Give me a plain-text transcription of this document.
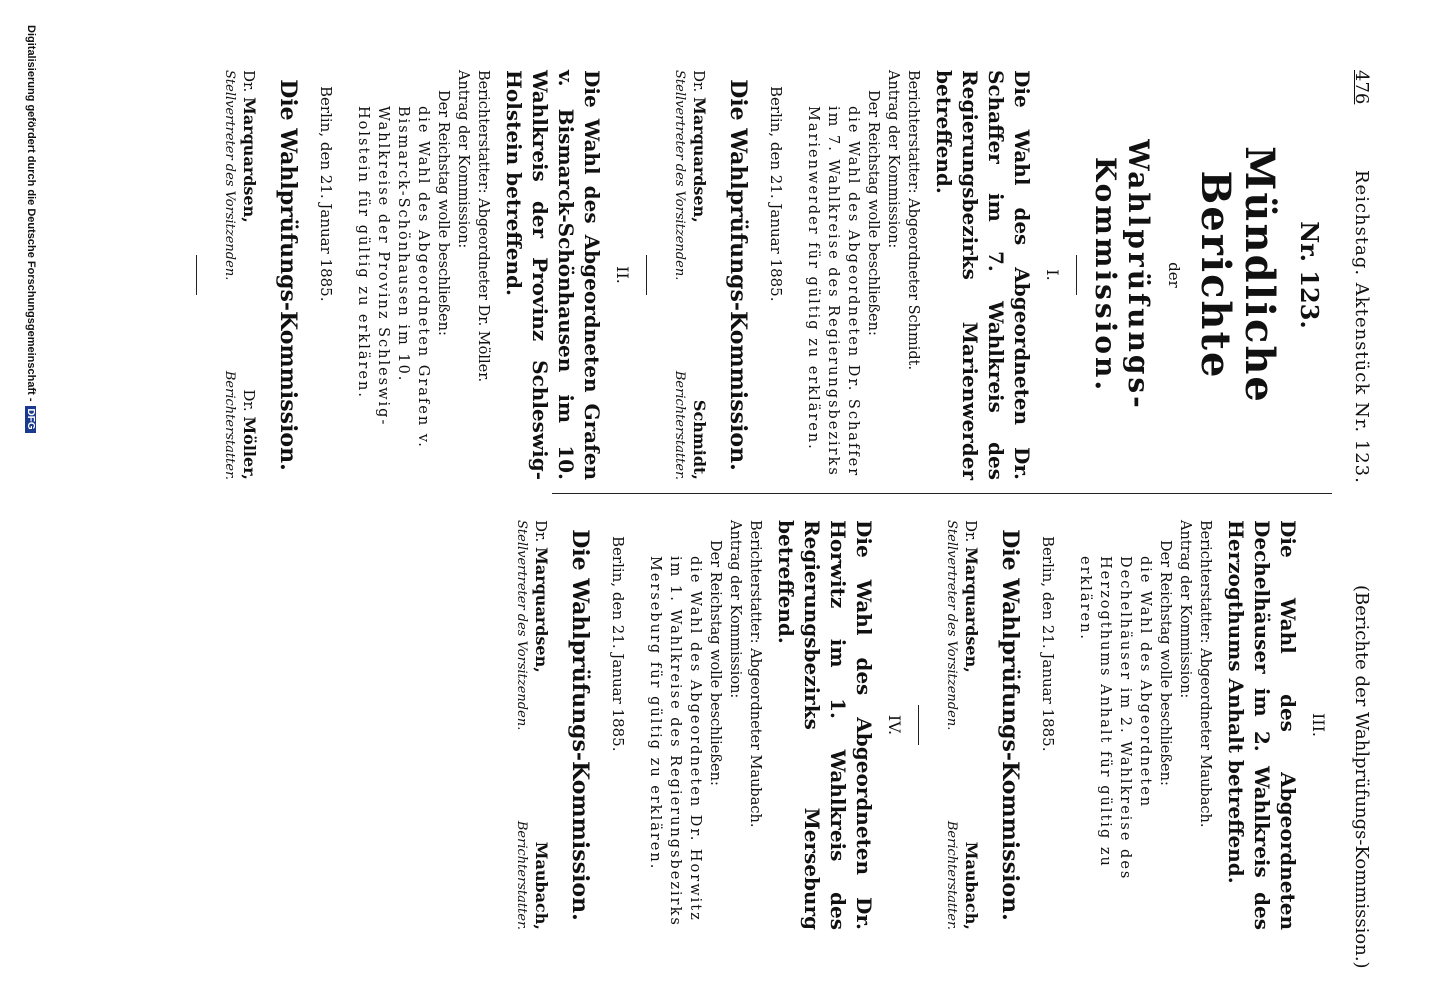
476
Reichstag. Aktenstück Nr. 123.
(Berichte der Wahlprüfungs-Kommission.)
Nr. 123.
Mündliche Berichte
der
Wahlprüfungs-Kommission.
I.
Die Wahl des Abgeordneten Dr. Schaffer im 7. Wahlkreis des Regierungsbezirks Marienwerder betreffend.
Berichterstatter: Abgeordneter Schmidt.
Antrag der Kommission:
Der Reichstag wolle beschließen:
die Wahl des Abgeordneten Dr. Schaffer im 7. Wahlkreise des Regierungsbezirks Marienwerder für gültig zu erklären.
Berlin, den 21. Januar 1885.
Die Wahlprüfungs-Kommission.
Dr. Marquardsen,
Stellvertreter des Vorsitzenden.
Schmidt,
Berichterstatter.
II.
Die Wahl des Abgeordneten Grafen v. Bismarck-Schönhausen im 10. Wahlkreis der Provinz Schleswig-Holstein betreffend.
Berichterstatter: Abgeordneter Dr. Möller.
Antrag der Kommission:
Der Reichstag wolle beschließen:
die Wahl des Abgeordneten Grafen v. Bismarck-Schönhausen im 10. Wahlkreise der Provinz Schleswig-Holstein für gültig zu erklären.
Berlin, den 21. Januar 1885.
Die Wahlprüfungs-Kommission.
Dr. Marquardsen,
Stellvertreter des Vorsitzenden.
Dr. Möller,
Berichterstatter.
III.
Die Wahl des Abgeordneten Dechelhäuser im 2. Wahlkreis des Herzogthums Anhalt betreffend.
Berichterstatter: Abgeordneter Maubach.
Antrag der Kommission:
Der Reichstag wolle beschließen:
die Wahl des Abgeordneten Dechelhäuser im 2. Wahlkreise des Herzogthums Anhalt für gültig zu erklären.
Berlin, den 21. Januar 1885.
Die Wahlprüfungs-Kommission.
Dr. Marquardsen,
Stellvertreter des Vorsitzenden.
Maubach,
Berichterstatter.
IV.
Die Wahl des Abgeordneten Dr. Horwitz im 1. Wahlkreis des Regierungsbezirks Merseburg betreffend.
Berichterstatter: Abgeordneter Maubach.
Antrag der Kommission:
Der Reichstag wolle beschließen:
die Wahl des Abgeordneten Dr. Horwitz im 1. Wahlkreise des Regierungsbezirks Merseburg für gültig zu erklären.
Berlin, den 21. Januar 1885.
Die Wahlprüfungs-Kommission.
Dr. Marquardsen,
Stellvertreter des Vorsitzenden.
Maubach,
Berichterstatter.
Digitalisierung gefördert durch die Deutsche Forschungsgemeinschaft -DFG
